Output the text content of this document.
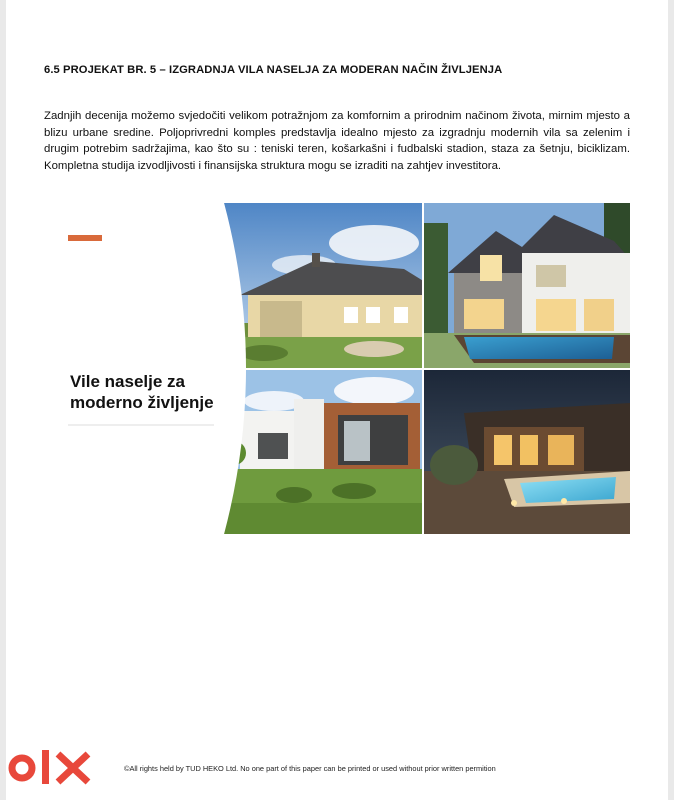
6.5 PROJEKAT BR. 5 – IZGRADNJA VILA NASELJA ZA MODERAN NAČIN ŽIVLJENJA
Zadnjih decenija možemo svjedočiti velikom potražnjom za komfornim a prirodnim načinom života, mirnim mjesto a blizu urbane sredine. Poljoprivredni komples predstavlja idealno mjesto za izgradnju modernih vila sa zelenim i drugim potrebim sadržajima, kao što su : teniski teren, košarkašni i fudbalski stadion, staza za šetnju, biciklizam. Kompletna studija izvodljivosti i finansijska struktura mogu se izraditi na zahtjev investitora.
Vile naselje za
moderno življenje
©All rights held by TUD HEKO Ltd. No one part of this paper can be printed or used without prior written permition
